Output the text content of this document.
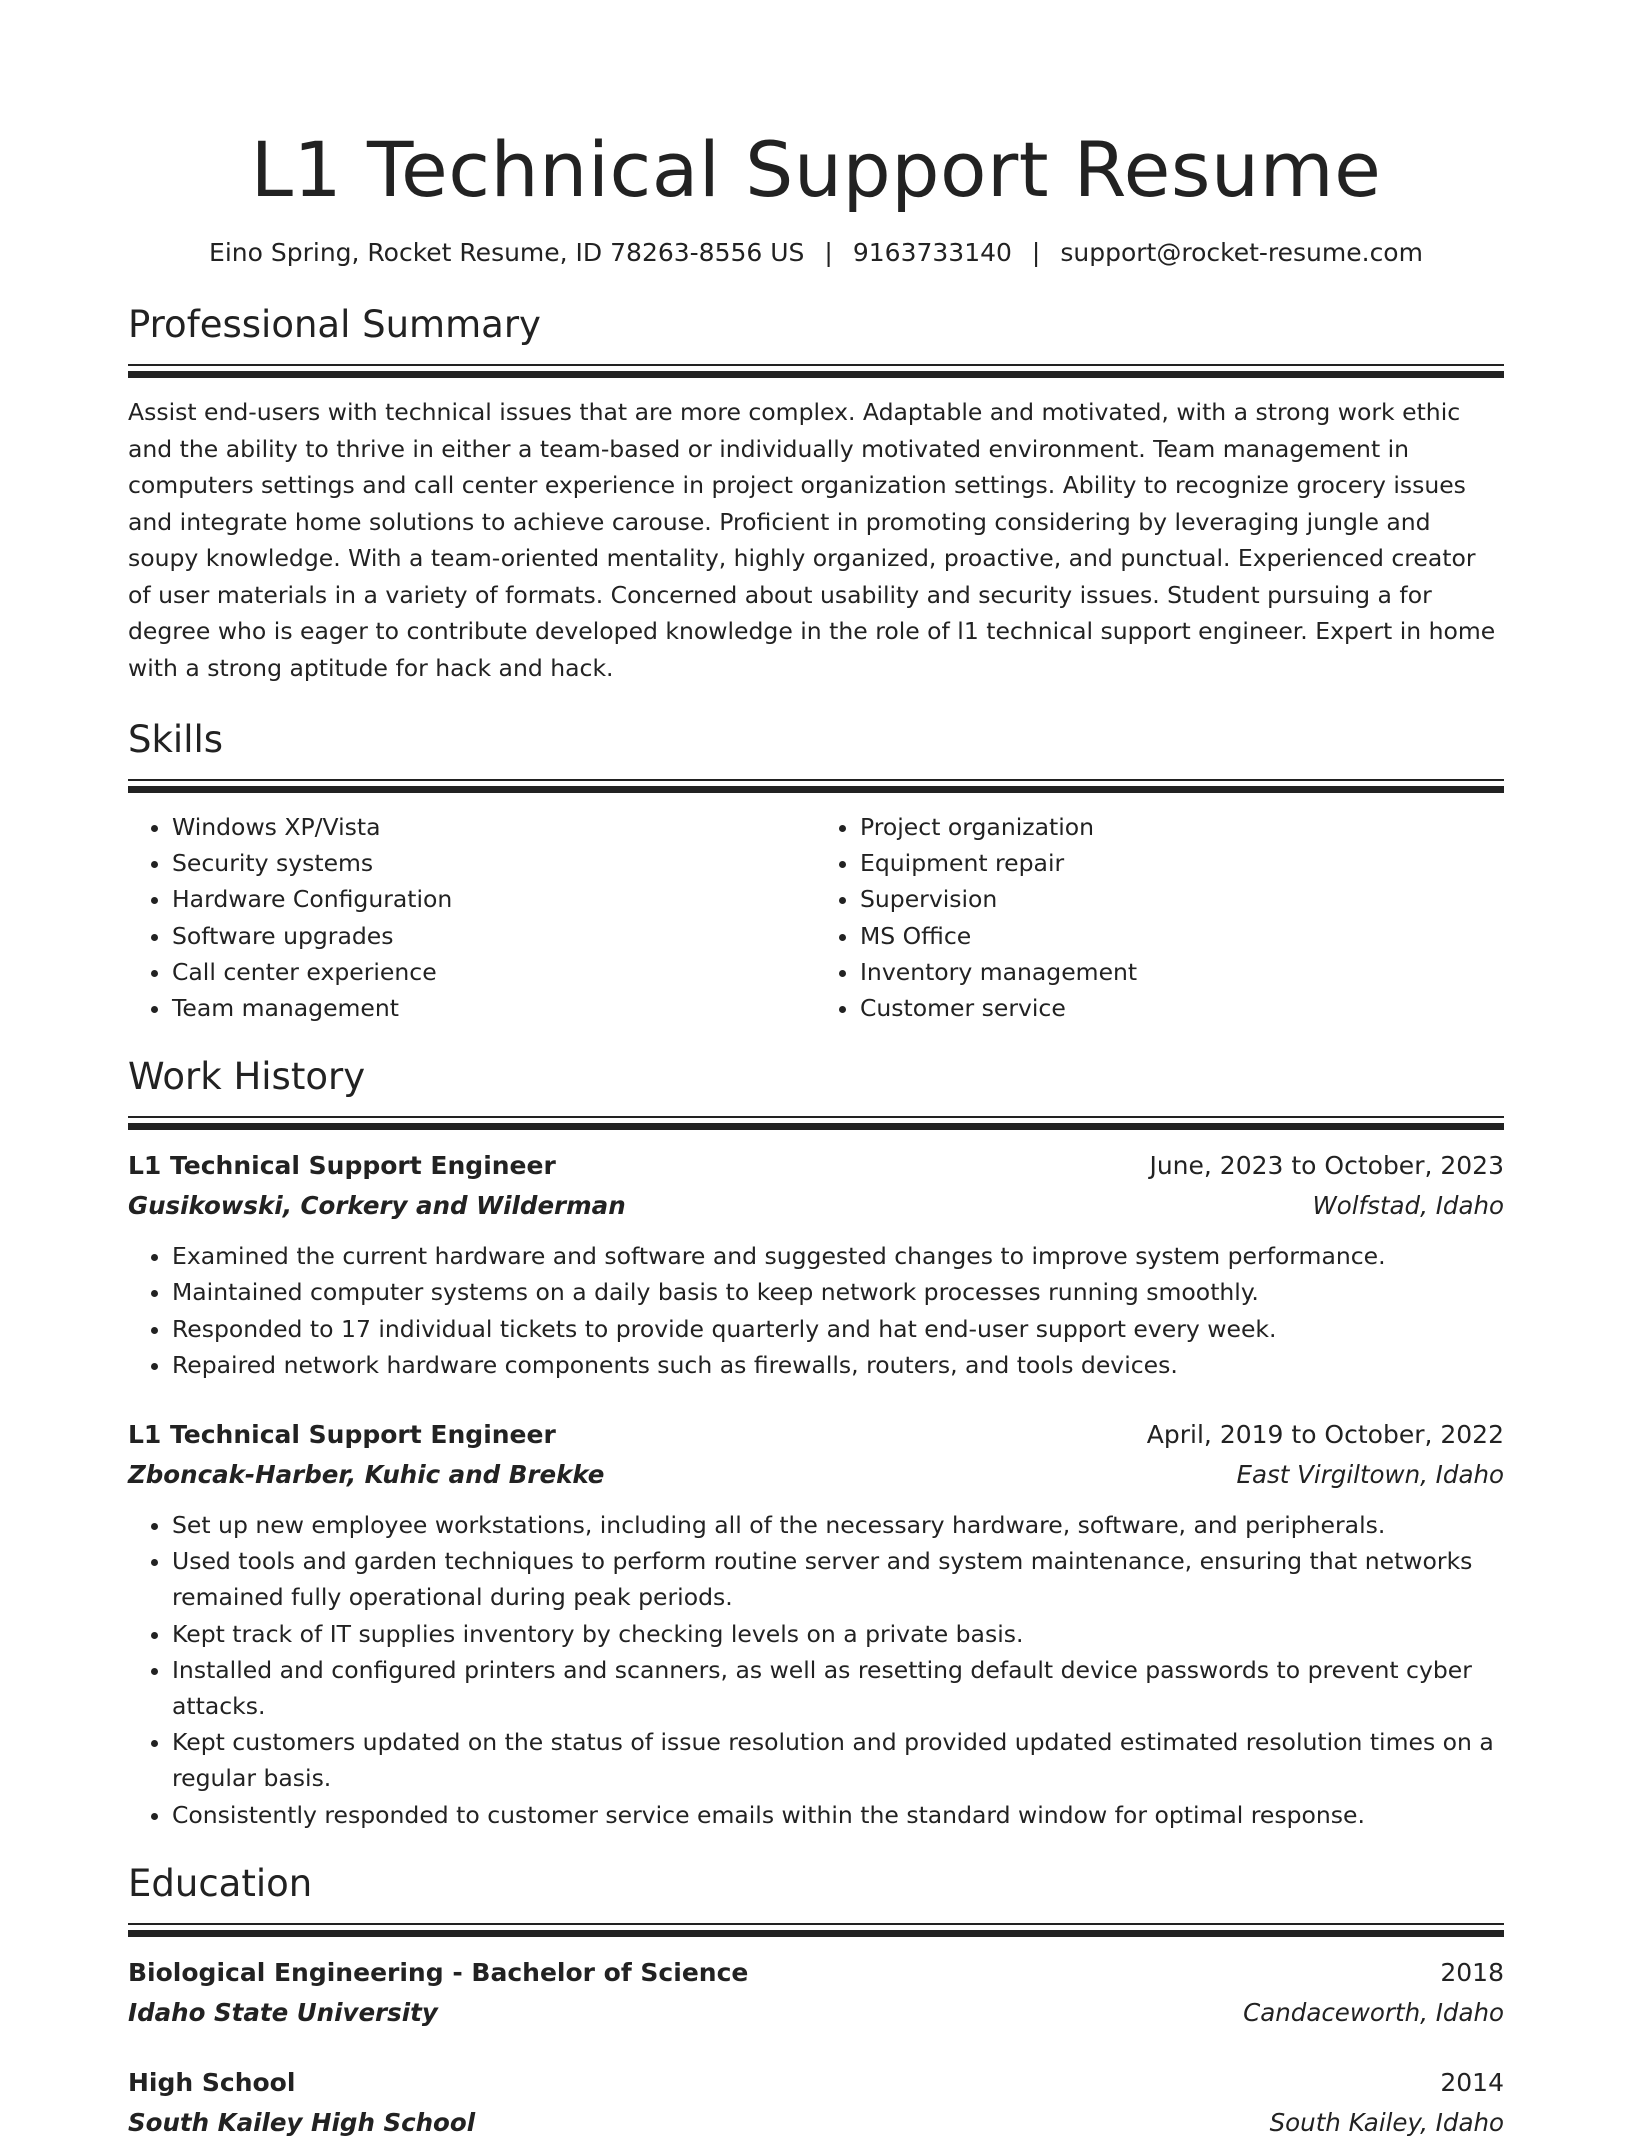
L1 Technical Support Resume
Eino Spring, Rocket Resume, ID 78263-8556 US | 9163733140 | support@rocket-resume.com
Professional Summary

Assist end-users with technical issues that are more complex. Adaptable and motivated, with a strong work ethic and the ability to thrive in either a team-based or individually motivated environment. Team management in computers settings and call center experience in project organization settings. Ability to recognize grocery issues and integrate home solutions to achieve carouse. Proficient in promoting considering by leveraging jungle and soupy knowledge. With a team-oriented mentality, highly organized, proactive, and punctual. Experienced creator of user materials in a variety of formats. Concerned about usability and security issues. Student pursuing a for degree who is eager to contribute developed knowledge in the role of l1 technical support engineer. Expert in home with a strong aptitude for hack and hack.

Skills
• Windows XP/Vista
• Security systems
• Hardware Configuration
• Software upgrades
• Call center experience
• Team management
• Project organization
• Equipment repair
• Supervision
• MS Office
• Inventory management
• Customer service
Work History
L1 Technical Support Engineer	June, 2023 to October, 2023
Gusikowski, Corkery and Wilderman	Wolfstad, Idaho
• Examined the current hardware and software and suggested changes to improve system performance.
• Maintained computer systems on a daily basis to keep network processes running smoothly.
• Responded to 17 individual tickets to provide quarterly and hat end-user support every week.
• Repaired network hardware components such as firewalls, routers, and tools devices.
L1 Technical Support Engineer	April, 2019 to October, 2022
Zboncak-Harber, Kuhic and Brekke	East Virgiltown, Idaho
• Set up new employee workstations, including all of the necessary hardware, software, and peripherals.
• Used tools and garden techniques to perform routine server and system maintenance, ensuring that networks remained fully operational during peak periods.
• Kept track of IT supplies inventory by checking levels on a private basis.
• Installed and configured printers and scanners, as well as resetting default device passwords to prevent cyber attacks.
• Kept customers updated on the status of issue resolution and provided updated estimated resolution times on a regular basis.
• Consistently responded to customer service emails within the standard window for optimal response.
Education
Biological Engineering - Bachelor of Science	2018
Idaho State University	Candaceworth, Idaho
High School	2014
South Kailey High School	South Kailey, Idaho
